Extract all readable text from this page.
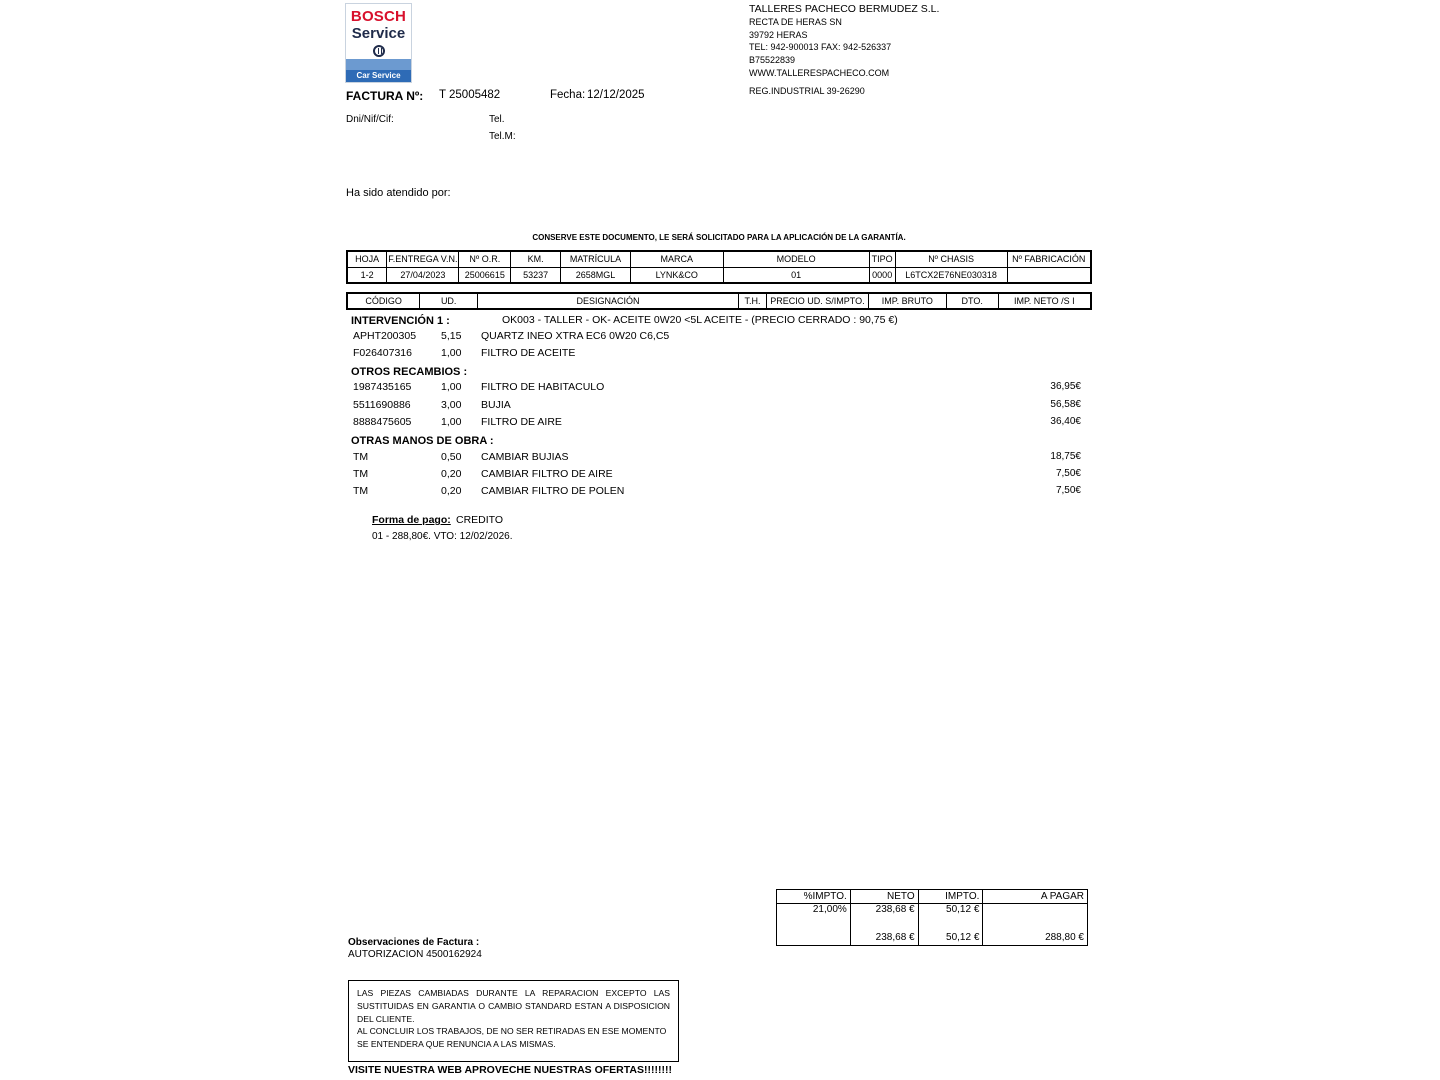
BOSCH
Service
Car Service
TALLERES PACHECO BERMUDEZ S.L.
RECTA DE HERAS SN
39792 HERAS
TEL: 942-900013 FAX: 942-526337
B75522839
WWW.TALLERESPACHECO.COM
REG.INDUSTRIAL 39-26290
FACTURA Nº: T 25005482	Fecha: 12/12/2025
Dni/Nif/Cif:	Tel.
Tel.M:
Ha sido atendido por:
CONSERVE ESTE DOCUMENTO, LE SERÁ SOLICITADO PARA LA APLICACIÓN DE LA GARANTÍA.
HOJA	F.ENTREGA V.N.	Nº O.R.	KM.	MATRÍCULA	MARCA	MODELO	TIPO	Nº CHASIS	Nº FABRICACIÓN
1-2	27/04/2023	25006615	53237	2658MGL	LYNK&CO	01	0000	L6TCX2E76NE030318	
CÓDIGO	UD.	DESIGNACIÓN	T.H.	PRECIO UD. S/IMPTO.	IMP. BRUTO	DTO.	IMP. NETO /S I
INTERVENCIÓN 1 :	OK003 - TALLER - OK- ACEITE 0W20 <5L ACEITE - (PRECIO CERRADO : 90,75 €)
APHT200305 5,15 QUARTZ INEO XTRA EC6 0W20 C6,C5
F026407316	1,00 FILTRO DE ACEITE
OTROS RECAMBIOS :
1987435165	1,00 FILTRO DE HABITACULO	36,95€
5511690886	3,00 BUJIA	56,58€
8888475605	1,00 FILTRO DE AIRE	36,40€
OTRAS MANOS DE OBRA :
TM	0,50 CAMBIAR BUJIAS	18,75€
TM	0,20 CAMBIAR FILTRO DE AIRE	7,50€
TM	0,20 CAMBIAR FILTRO DE POLEN	7,50€
Forma de pago: CREDITO
01 - 288,80€. VTO: 12/02/2026.
%IMPTO.	NETO	IMPTO.	A PAGAR
21,00%	238,68 €	50,12 €	
	238,68 €	50,12 €	288,80 €
Observaciones de Factura :
AUTORIZACION 4500162924
LAS PIEZAS CAMBIADAS DURANTE LA REPARACION EXCEPTO LAS SUSTITUIDAS EN GARANTIA O CAMBIO STANDARD ESTAN A DISPOSICION DEL CLIENTE.
AL CONCLUIR LOS TRABAJOS, DE NO SER RETIRADAS EN ESE MOMENTO SE ENTENDERA QUE RENUNCIA A LAS MISMAS.
VISITE NUESTRA WEB APROVECHE NUESTRAS OFERTAS!!!!!!!!
